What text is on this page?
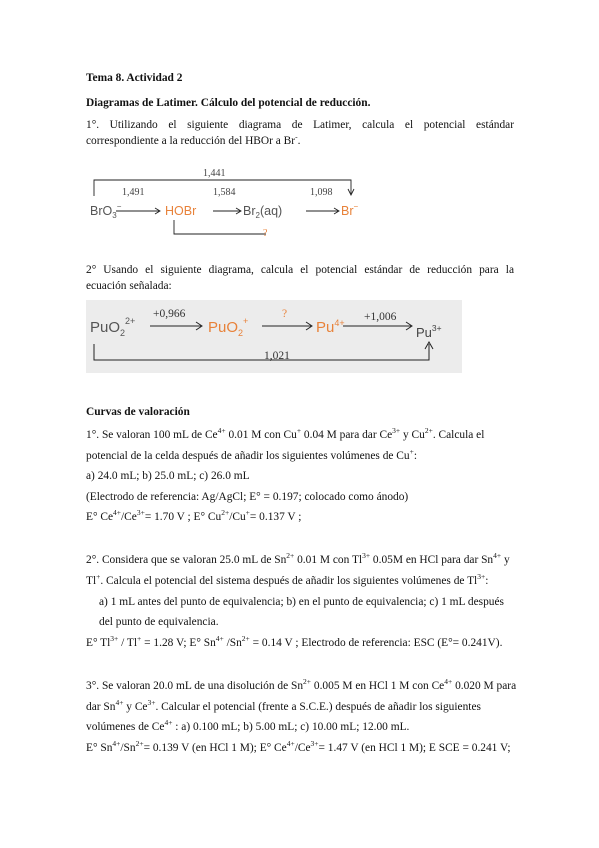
Tema 8. Actividad 2
Diagramas de Latimer. Cálculo del potencial de reducción.
1°. Utilizando el siguiente diagrama de Latimer, calcula el potencial estándar
correspondiente a la reducción del HBOr a Br-.
1,441
1,491	1,584	1,098
?
BrO$_3$−	HOBr	$Br_2(aq)$	Br−
2° Usando el siguiente diagrama, calcula el potencial estándar de reducción para la
ecuación señalada:
+0,966	?	+1,006
1,021
PuO$_2^{2+}$	PuO$_2$+	$Pu^{4+}$
$Pu^{3+}$
Curvas de valoración
1°. Se valoran 100 mL de $Ce^{4+}$ 0.01 M con Cu+ 0.04 M para dar $Ce^{3+}$ y $Cu^{2+}$. Calcula el
potencial de la celda después de añadir los siguientes volúmenes de Cu+:
a) 24.0 mL; b) 25.0 mL; c) 26.0 mL
(Electrodo de referencia: Ag/AgCl; E° = 0.197; colocado como ánodo)
E° $Ce^{4+}/Ce^{3+}= 1.70$ V ; E° $Cu^{2+}/Cu^+= 0.137$ V ;
2°. Considera que se valoran 25.0 mL de $Sn^{2+}$ 0.01 M con $Tl^{3+}$ 0.05M en HCl para dar $Sn^{4+}$ y
Tl+. Calcula el potencial del sistema después de añadir los siguientes volúmenes de $Tl^{3+}$:
a) 1 mL antes del punto de equivalencia; b) en el punto de equivalencia; c) 1 mL después
del punto de equivalencia.
E° $Tl^{3+} / Tl^+ = 1.28$ V; E° $Sn^{4+}$ $/Sn^{2+} = 0.14$ V ; Electrodo de referencia: ESC (E°= 0.241V).
3°. Se valoran 20.0 mL de una disolución de $Sn^{2+}$ 0.005 M en HCl 1 M con $Ce^{4+}$ 0.020 M para
dar $Sn^{4+}$ y $Ce^{3+}$. Calcular el potencial (frente a S.C.E.) después de añadir los siguientes
volúmenes de $Ce^{4+}$ : a) 0.100 mL; b) 5.00 mL; c) 10.00 mL; 12.00 mL.
E° $Sn^{4+}/Sn^{2+}= 0.139$ V (en HCl 1 M); E° $Ce^{4+}/Ce^{3+}= 1.47$ V (en HCl 1 M); E SCE = 0.241 V;
